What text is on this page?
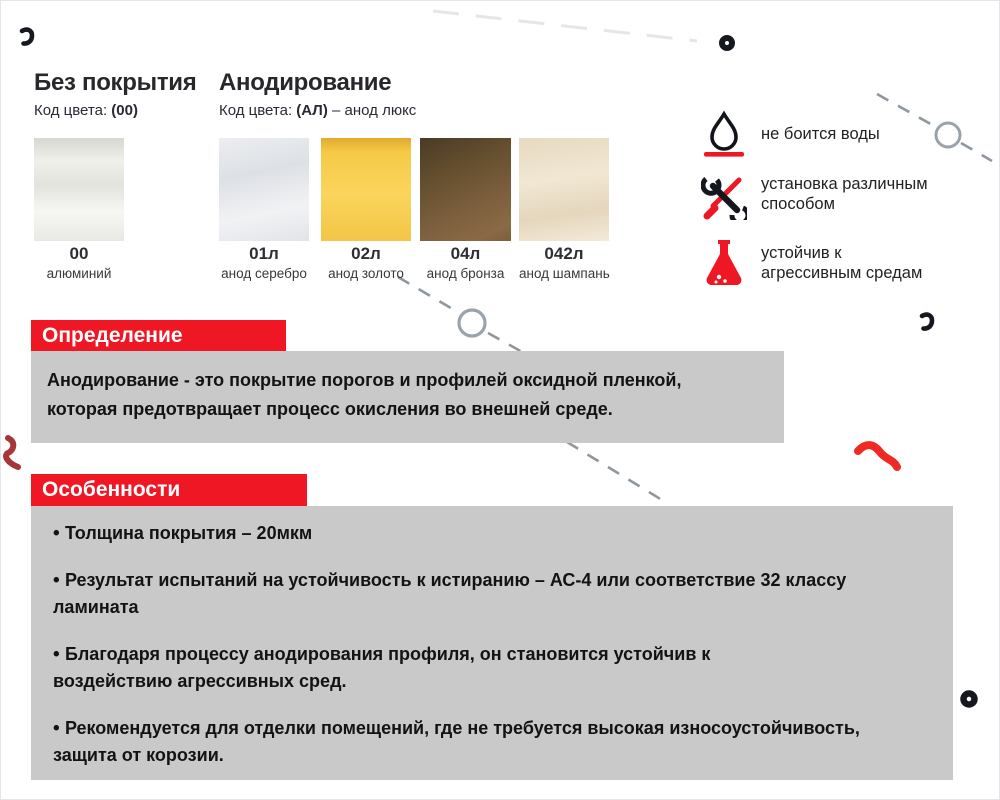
Без покрытия
Код цвета: (00)
Анодирование
Код цвета: (АЛ) – анод люкс
00
алюминий
01л
анод серебро
02л
анод золото
04л
анод бронза
042л
анод шампань
не боится воды
установка различным способом
устойчив к агрессивным средам
Определение

Анодирование - это покрытие порогов и профилей оксидной пленкой, которая предотвращает процесс окисления во внешней среде.

Особенности
• Толщина покрытия – 20мкм
• Результат испытаний на устойчивость к истиранию – АС-4 или соответствие 32 классу ламината
• Благодаря процессу анодирования профиля, он становится устойчив к воздействию агрессивных сред.
• Рекомендуется для отделки помещений, где не требуется высокая износоустойчивость, защита от корозии.
